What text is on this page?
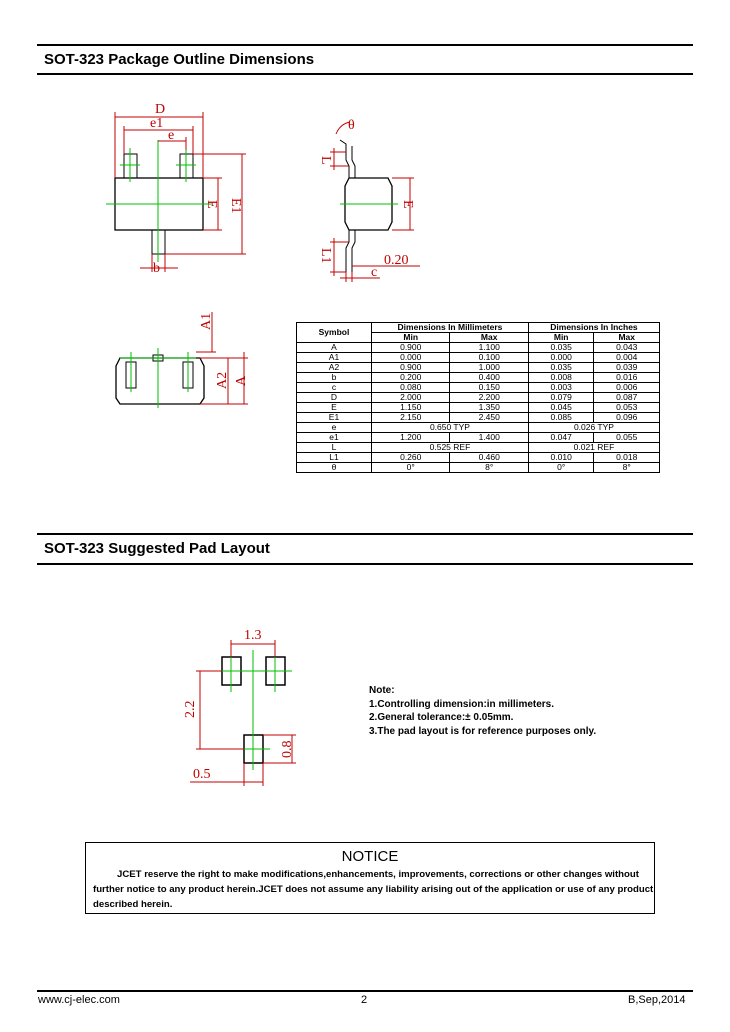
SOT-323 Package Outline Dimensions
D
e1
e
E E1
b
θ
L
E
L1	0.20
c
A1
A2 A
1.3
2.2
0.8
0.5
Symbol	Dimensions In Millimeters		Dimensions In Inches	
	Min	Max	Min	Max
A	0.900	1.100	0.035	0.043
A1	0.000	0.100	0.000	0.004
A2	0.900	1.000	0.035	0.039
b	0.200	0.400	0.008	0.016
c	0.080	0.150	0.003	0.006
D	2.000	2.200	0.079	0.087
E	1.150	1.350	0.045	0.053
E1	2.150	2.450	0.085	0.096
e	0.650 TYP		0.026 TYP	
e1	1.200	1.400	0.047	0.055
L	0.525 REF		0.021 REF	
L1	0.260	0.460	0.010	0.018
θ	0°	8°	0°	8°
SOT-323 Suggested Pad Layout
Note:
1.Controlling dimension:in millimeters.
2.General tolerance:± 0.05mm.
3.The pad layout is for reference purposes only.
NOTICE

JCET reserve the right to make modifications,enhancements, improvements, corrections or other changes without further notice to any product herein.JCET does not assume any liability arising out of the application or use of any product described herein.

www.cj-elec.com	2	B,Sep,2014
